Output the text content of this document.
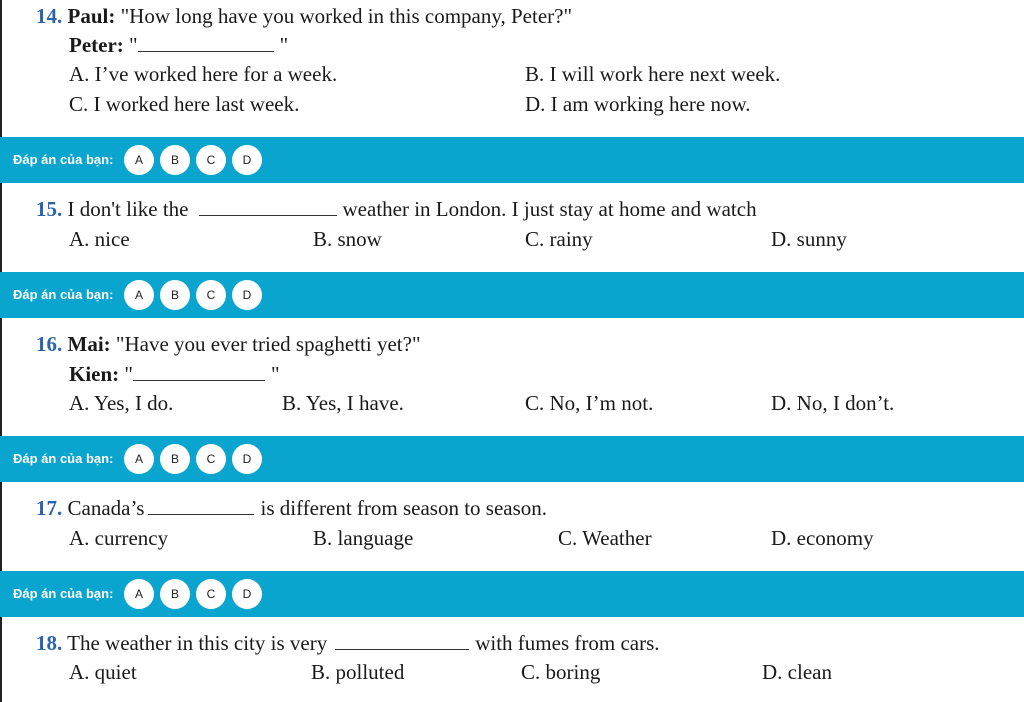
14. Paul: "How long have you worked in this company, Peter?"
Peter: "	"
A. I’ve worked here for a week.	B. I will work here next week.
C. I worked here last week.	D. I am working here now.
Đáp án của bạn:	A	B	C	D
15. I don't like the	weather in London. I just stay at home and watch
A. nice	B. snow	C. rainy	D. sunny
Đáp án của bạn:	A	B	C	D
16. Mai: "Have you ever tried spaghetti yet?"
Kien: "	"
A. Yes, I do.	B. Yes, I have.	C. No, I’m not.	D. No, I don’t.
Đáp án của bạn:	A	B	C	D
17. Canada’s	is different from season to season.
A. currency	B. language	C. Weather	D. economy
Đáp án của bạn:	A	B	C	D
18. The weather in this city is very	with fumes from cars.
A. quiet	B. polluted	C. boring	D. clean
